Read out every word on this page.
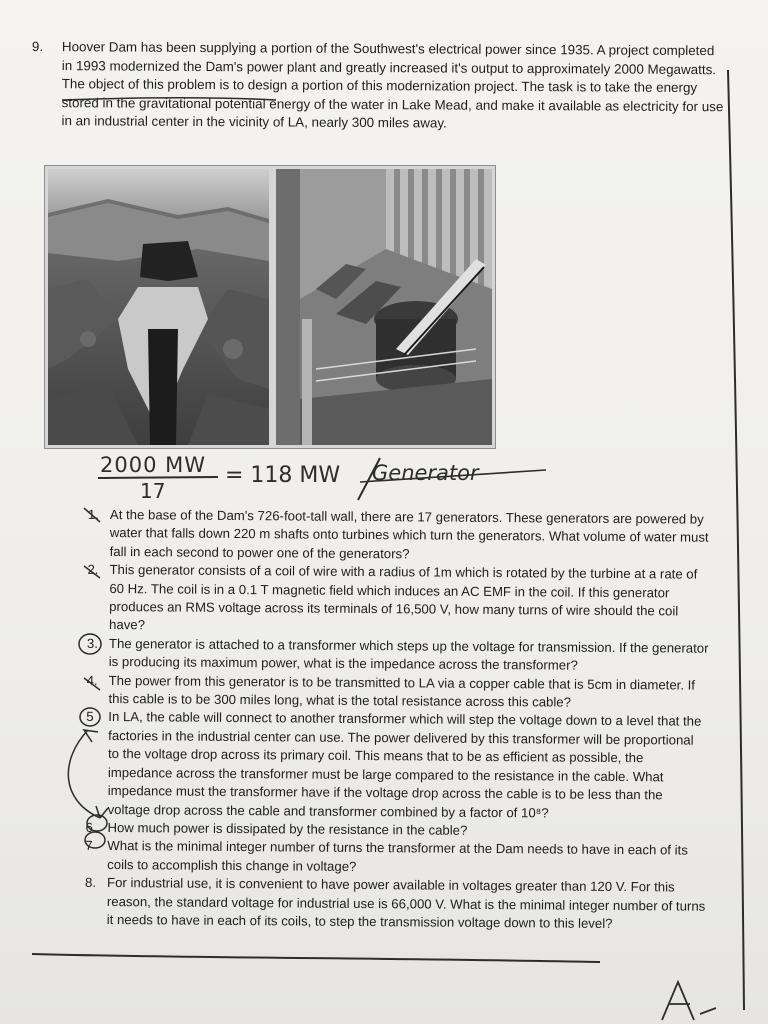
9. Hoover Dam has been supplying a portion of the Southwest's electrical power since 1935. A project completed in 1993 modernized the Dam's power plant and greatly increased it's output to approximately 2000 Megawatts. The object of this problem is to design a portion of this modernization project. The task is to take the energy stored in the gravitational potential energy of the water in Lake Mead, and make it available as electricity for use in an industrial center in the vicinity of LA, nearly 300 miles away.
2000 MW
17
= 118 MW Generator

1. At the base of the Dam's 726-foot-tall wall, there are 17 generators. These generators are powered by water that falls down 220 m shafts onto turbines which turn the generators. What volume of water must fall in each second to power one of the generators?

2. This generator consists of a coil of wire with a radius of 1m which is rotated by the turbine at a rate of 60 Hz. The coil is in a 0.1 T magnetic field which induces an AC EMF in the coil. If this generator produces an RMS voltage across its terminals of 16,500 V, how many turns of wire should the coil have?

3. The generator is attached to a transformer which steps up the voltage for transmission. If the generator is producing its maximum power, what is the impedance across the transformer?

4. The power from this generator is to be transmitted to LA via a copper cable that is 5cm in diameter. If this cable is to be 300 miles long, what is the total resistance across this cable?

5 In LA, the cable will connect to another transformer which will step the voltage down to a level that the factories in the industrial center can use. The power delivered by this transformer will be proportional to the voltage drop across its primary coil. This means that to be as efficient as possible, the impedance across the transformer must be large compared to the resistance in the cable. What impedance must the transformer have if the voltage drop across the cable is to be less than the voltage drop across the cable and transformer combined by a factor of 10⁸?

6 How much power is dissipated by the resistance in the cable?

7 What is the minimal integer number of turns the transformer at the Dam needs to have in each of its coils to accomplish this change in voltage?

8. For industrial use, it is convenient to have power available in voltages greater than 120 V. For this reason, the standard voltage for industrial use is 66,000 V. What is the minimal integer number of turns it needs to have in each of its coils, to step the transmission voltage down to this level?

A
